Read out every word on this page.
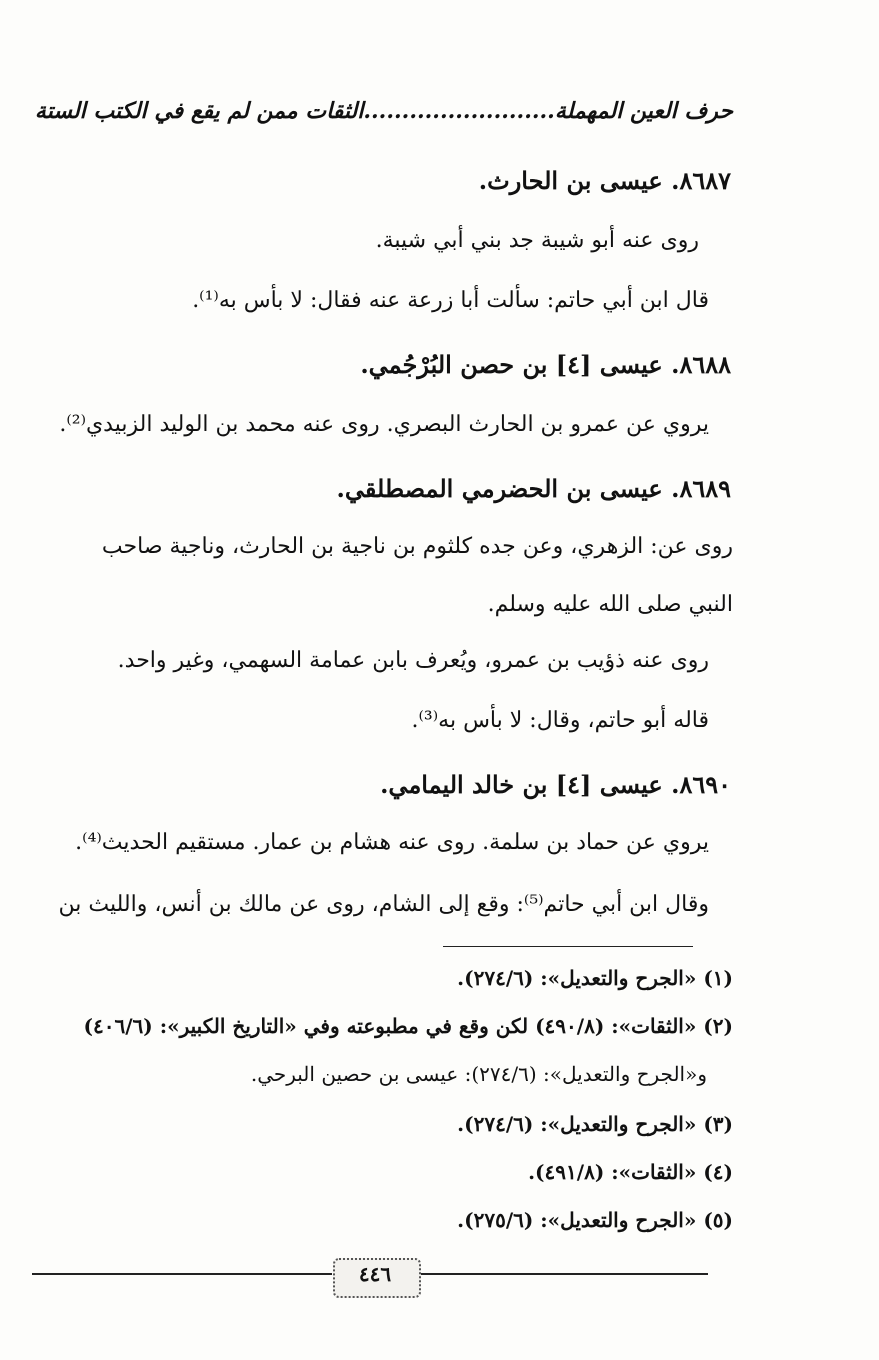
حرف العين المهملة.........................الثقات ممن لم يقع في الكتب الستة
٨٦٨٧. عيسى بن الحارث.
روى عنه أبو شيبة جد بني أبي شيبة.
قال ابن أبي حاتم: سألت أبا زرعة عنه فقال: لا بأس به⁽¹⁾.
٨٦٨٨. عيسى [٤] بن حصن البُرْجُمي.
يروي عن عمرو بن الحارث البصري. روى عنه محمد بن الوليد الزبيدي⁽²⁾.
٨٦٨٩. عيسى بن الحضرمي المصطلقي.
روى عن: الزهري، وعن جده كلثوم بن ناجية بن الحارث، وناجية صاحب
النبي صلى الله عليه وسلم.
روى عنه ذؤيب بن عمرو، ويُعرف بابن عمامة السهمي، وغير واحد.
قاله أبو حاتم، وقال: لا بأس به⁽³⁾.
٨٦٩٠. عيسى [٤] بن خالد اليمامي.
يروي عن حماد بن سلمة. روى عنه هشام بن عمار. مستقيم الحديث⁽⁴⁾.
وقال ابن أبي حاتم⁽⁵⁾: وقع إلى الشام، روى عن مالك بن أنس، والليث بن
(١) «الجرح والتعديل»: (٢٧٤/٦).
(٢) «الثقات»: (٤٩٠/٨) لكن وقع في مطبوعته وفي «التاريخ الكبير»: (٤٠٦/٦)
و«الجرح والتعديل»: (٢٧٤/٦): عيسى بن حصين البرحي.
(٣) «الجرح والتعديل»: (٢٧٤/٦).
(٤) «الثقات»: (٤٩١/٨).
(٥) «الجرح والتعديل»: (٢٧٥/٦).
٤٤٦
